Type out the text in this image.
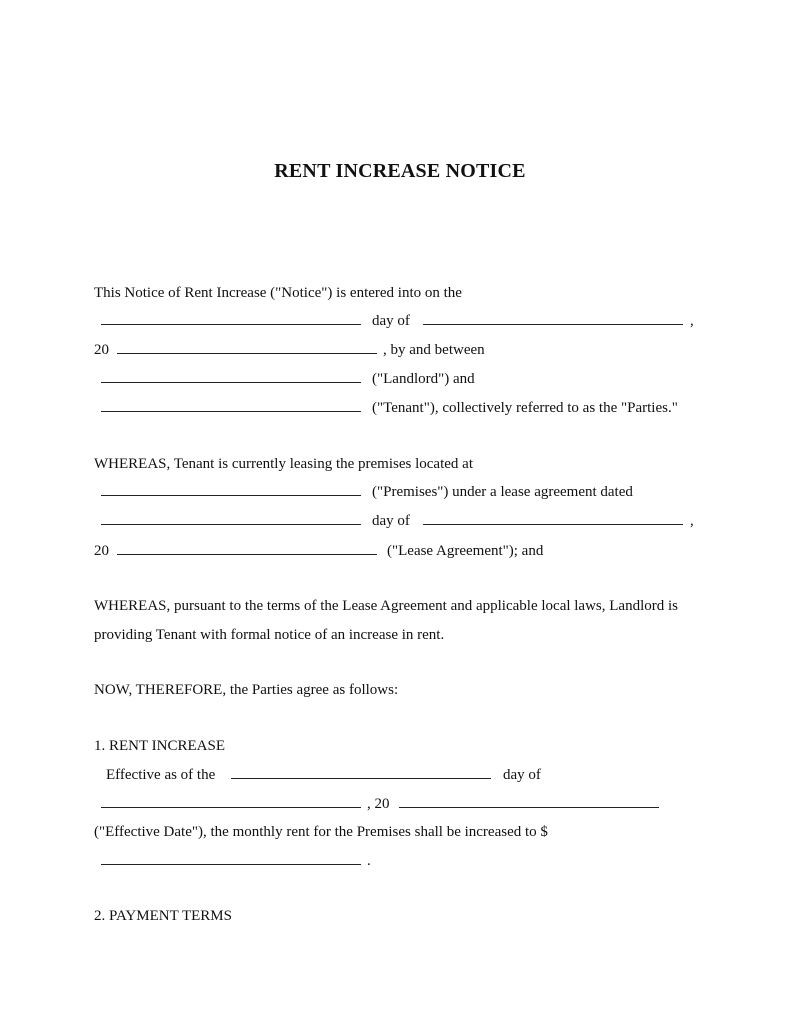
RENT INCREASE NOTICE
This Notice of Rent Increase ("Notice") is entered into on the
day of	,
20	, by and between
("Landlord") and
("Tenant"), collectively referred to as the "Parties."
WHEREAS, Tenant is currently leasing the premises located at
("Premises") under a lease agreement dated
day of	,
20	("Lease Agreement"); and
WHEREAS, pursuant to the terms of the Lease Agreement and applicable local laws, Landlord is
providing Tenant with formal notice of an increase in rent.
NOW, THEREFORE, the Parties agree as follows:
1. RENT INCREASE
Effective as of the	day of
, 20
("Effective Date"), the monthly rent for the Premises shall be increased to $
.
2. PAYMENT TERMS
